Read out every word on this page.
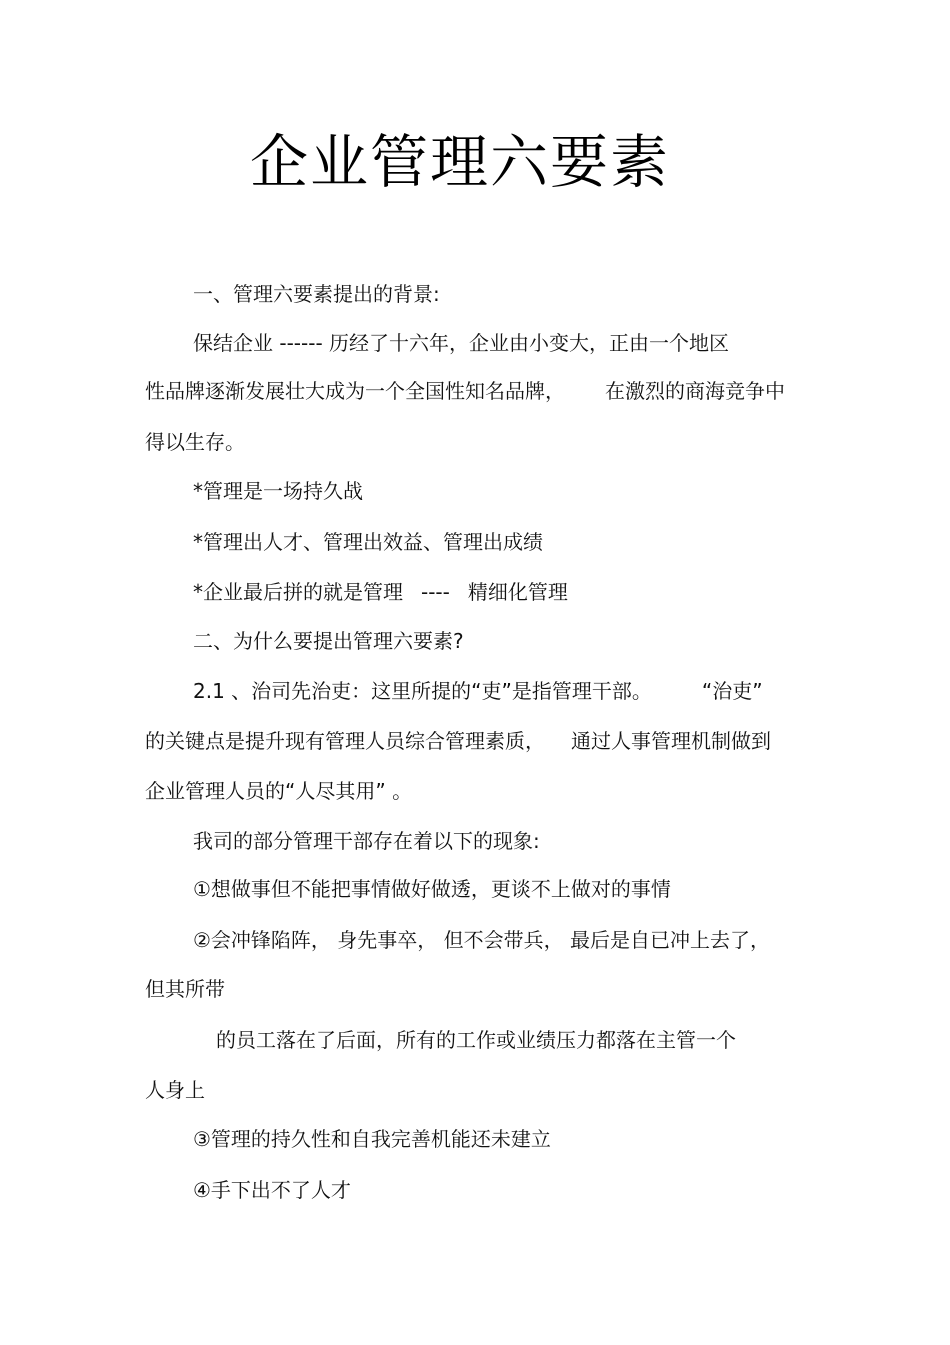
企业管理六要素

一、管理六要素提出的背景:

保结企业 ------ 历经了十六年，企业由小变大，正由一个地区

性品牌逐渐发展壮大成为一个全国性知名品牌， 在激烈的商海竞争中

得以生存。

*管理是一场持久战

*管理出人才、管理出效益、管理出成绩

*企业最后拼的就是管理 ---- 精细化管理

二、为什么要提出管理六要素?

2.1 、治司先治吏：这里所提的“吏”是指管理干部。	“治吏”

的关键点是提升现有管理人员综合管理素质， 通过人事管理机制做到

企业管理人员的“人尽其用” 。

我司的部分管理干部存在着以下的现象:

①想做事但不能把事情做好做透，更谈不上做对的事情

②会冲锋陷阵， 身先事卒， 但不会带兵， 最后是自已冲上去了，

但其所带

的员工落在了后面，所有的工作或业绩压力都落在主管一个

人身上

③管理的持久性和自我完善机能还未建立

④手下出不了人才
